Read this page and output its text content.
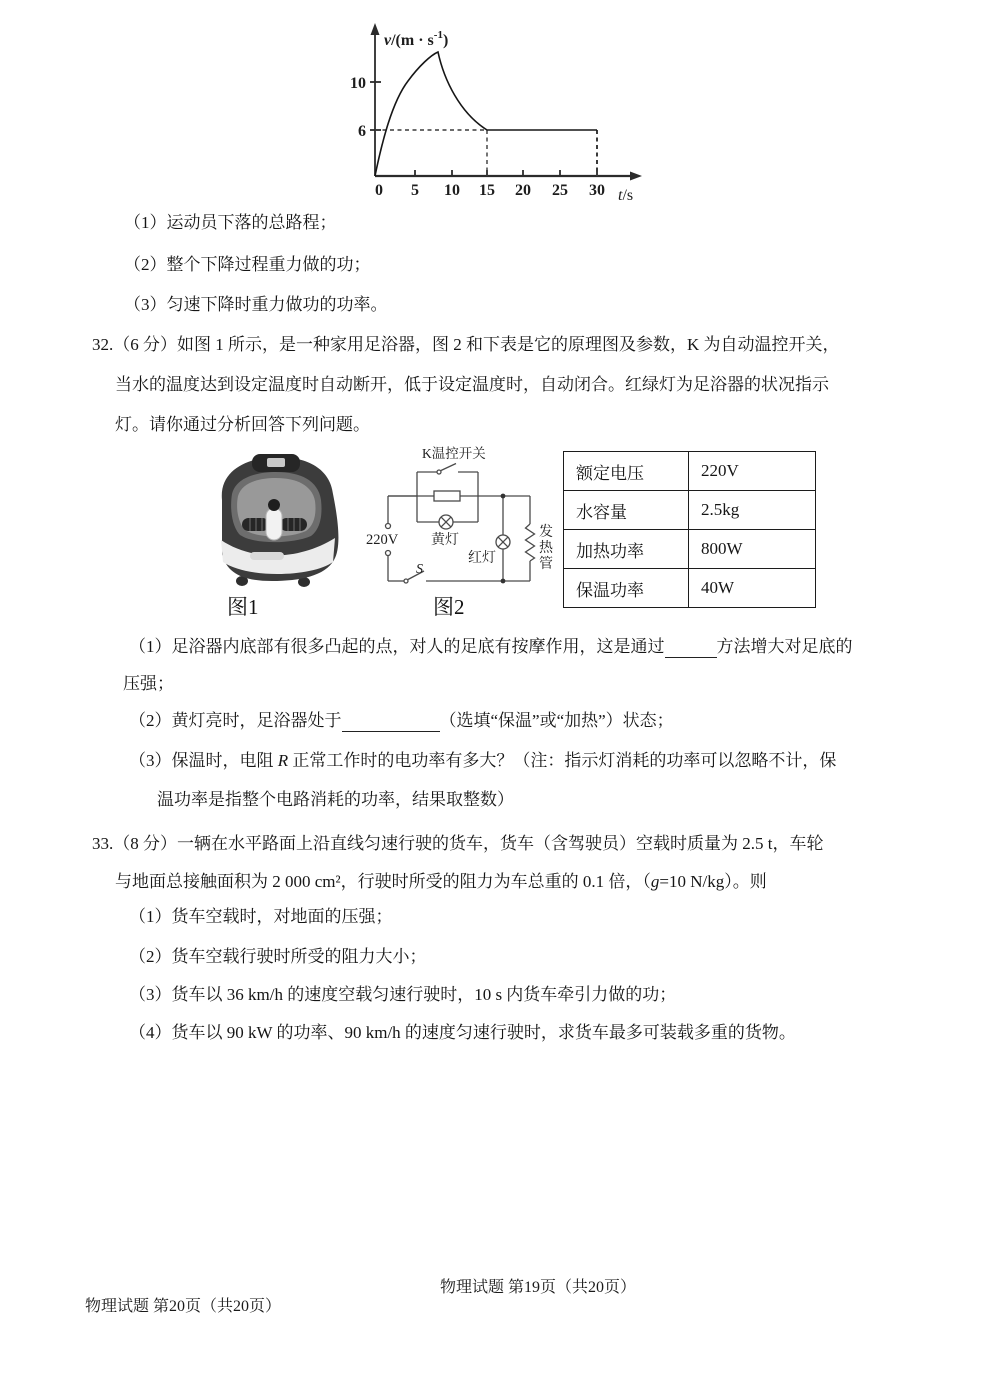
$v/(m \cdot s^{-1})$
t/s
10
6
0 5 10 15 20 25 30
（1）运动员下落的总路程；
（2）整个下降过程重力做的功；
（3）匀速下降时重力做功的功率。
32.（6 分）如图 1 所示，是一种家用足浴器，图 2 和下表是它的原理图及参数，K 为自动温控开关，
当水的温度达到设定温度时自动断开，低于设定温度时，自动闭合。红绿灯为足浴器的状况指示
灯。请你通过分析回答下列问题。
图1
K温控开关
220V 黄灯
红灯
S
发
热
管
图2
额定电压	220V
水容量	2.5kg
加热功率	800W
保温功率	40W
（1）足浴器内底部有很多凸起的点，对人的足底有按摩作用，这是通过	方法增大对足底的
压强；
（2）黄灯亮时，足浴器处于	（选填“保温”或“加热”）状态；
（3）保温时，电阻 R 正常工作时的电功率有多大？（注：指示灯消耗的功率可以忽略不计，保
温功率是指整个电路消耗的功率，结果取整数）
33.（8 分）一辆在水平路面上沿直线匀速行驶的货车，货车（含驾驶员）空载时质量为 2.5 t，车轮
与地面总接触面积为 2 000 cm²，行驶时所受的阻力为车总重的 0.1 倍，（g=10 N/kg）。则
（1）货车空载时，对地面的压强；
（2）货车空载行驶时所受的阻力大小；
（3）货车以 36 km/h 的速度空载匀速行驶时，10 s 内货车牵引力做的功；
（4）货车以 90 kW 的功率、90 km/h 的速度匀速行驶时，求货车最多可装载多重的货物。
物理试题 第19页（共20页）
物理试题 第20页（共20页）
